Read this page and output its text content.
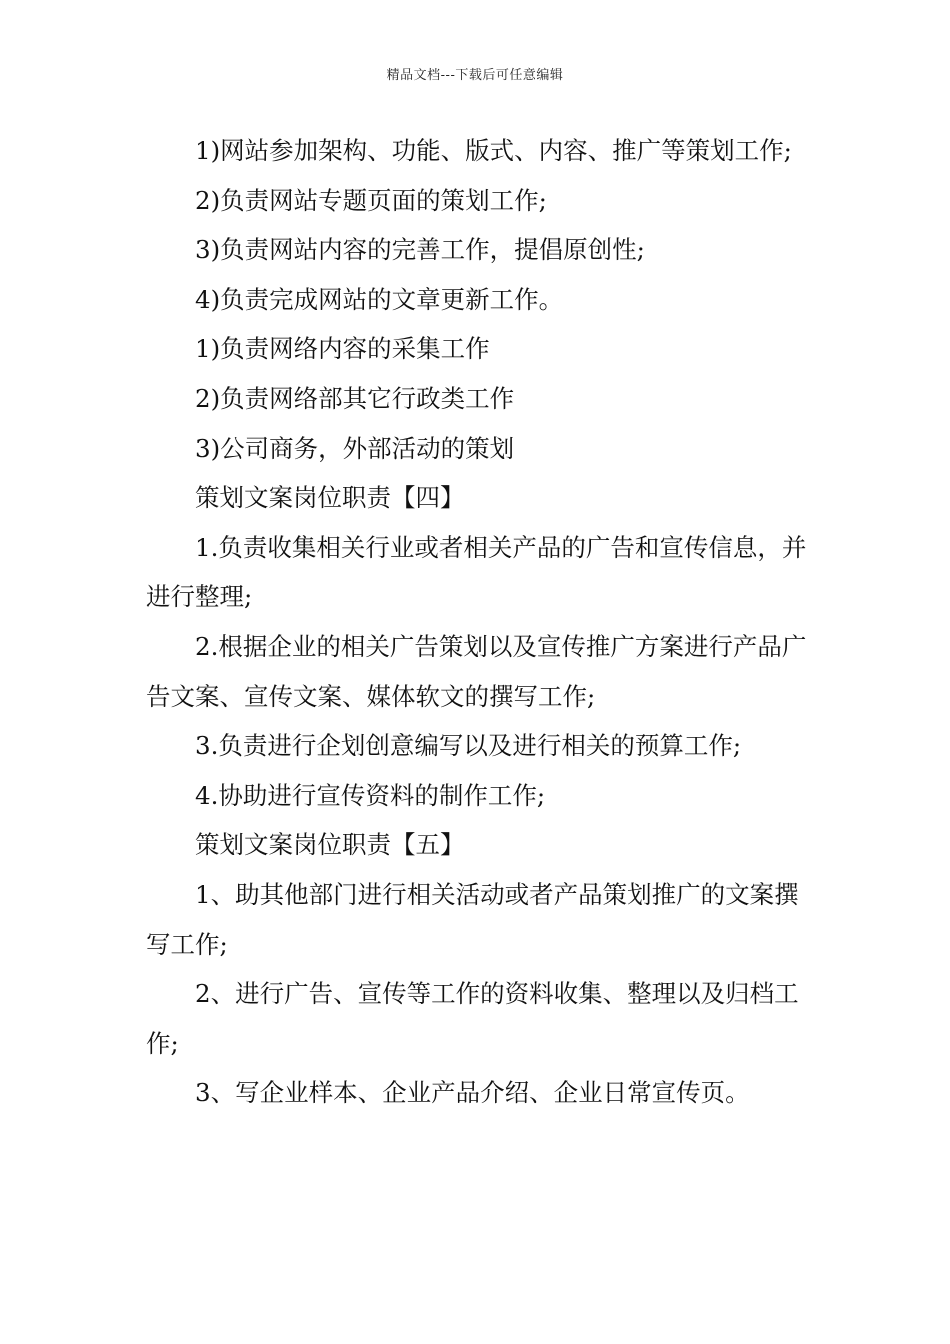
精品文档---下载后可任意编辑

1)网站参加架构、功能、版式、内容、推广等策划工作;

2)负责网站专题页面的策划工作;

3)负责网站内容的完善工作，提倡原创性;

4)负责完成网站的文章更新工作。

1)负责网络内容的采集工作

2)负责网络部其它行政类工作

3)公司商务，外部活动的策划

策划文案岗位职责【四】

1.负责收集相关行业或者相关产品的广告和宣传信息，并进行整理;

2.根据企业的相关广告策划以及宣传推广方案进行产品广告文案、宣传文案、媒体软文的撰写工作;

3.负责进行企划创意编写以及进行相关的预算工作;

4.协助进行宣传资料的制作工作;

策划文案岗位职责【五】

1、助其他部门进行相关活动或者产品策划推广的文案撰写工作;

2、进行广告、宣传等工作的资料收集、整理以及归档工作;

3、写企业样本、企业产品介绍、企业日常宣传页。
